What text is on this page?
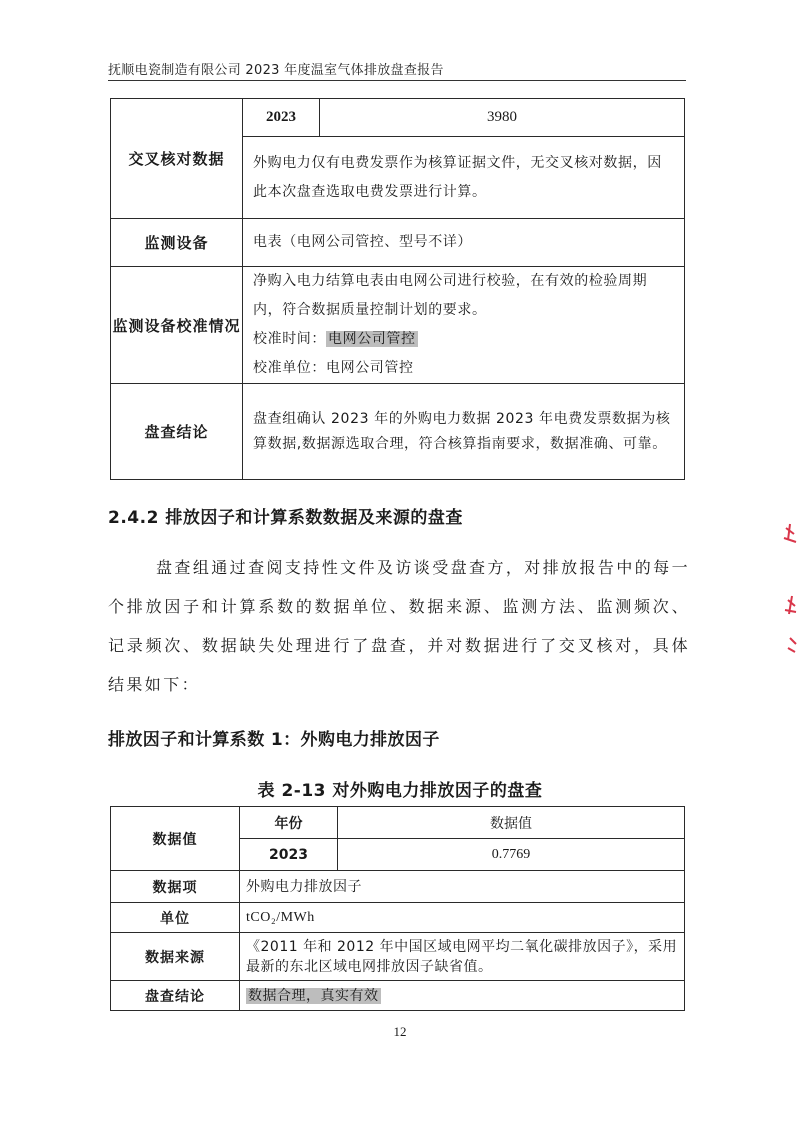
抚顺电瓷制造有限公司 2023 年度温室气体排放盘查报告
交叉核对数据	2023	3980
	外购电力仅有电费发票作为核算证据文件，无交叉核对数据，因此本次盘查选取电费发票进行计算。	
监测设备	电表（电网公司管控、型号不详）	
监测设备校准情况	净购入电力结算电表由电网公司进行校验，在有效的检验周期内，符合数据质量控制计划的要求。
校准时间： 电网公司管控
校准单位：电网公司管控	

盘查结论	盘查组确认 2023 年的外购电力数据 2023 年电费发票数据为核算数据,数据源选取合理，符合核算指南要求，数据准确、可靠。	
2.4.2 排放因子和计算系数数据及来源的盘查
盘查组通过查阅支持性文件及访谈受盘查方，对排放报告中的每一个排放因子和计算系数的数据单位、数据来源、监测方法、监测频次、记录频次、数据缺失处理进行了盘查，并对数据进行了交叉核对，具体结果如下：
排放因子和计算系数 1：外购电力排放因子
表 2-13 对外购电力排放因子的盘查
数据值	年份	数据值
	2023	0.7769
数据项	外购电力排放因子	
单位	tCO₂/MWh	
数据来源	《2011 年和 2012 年中国区域电网平均二氧化碳排放因子》，采用最新的东北区域电网排放因子缺省值。	
盘查结论	数据合理，真实有效	
12
